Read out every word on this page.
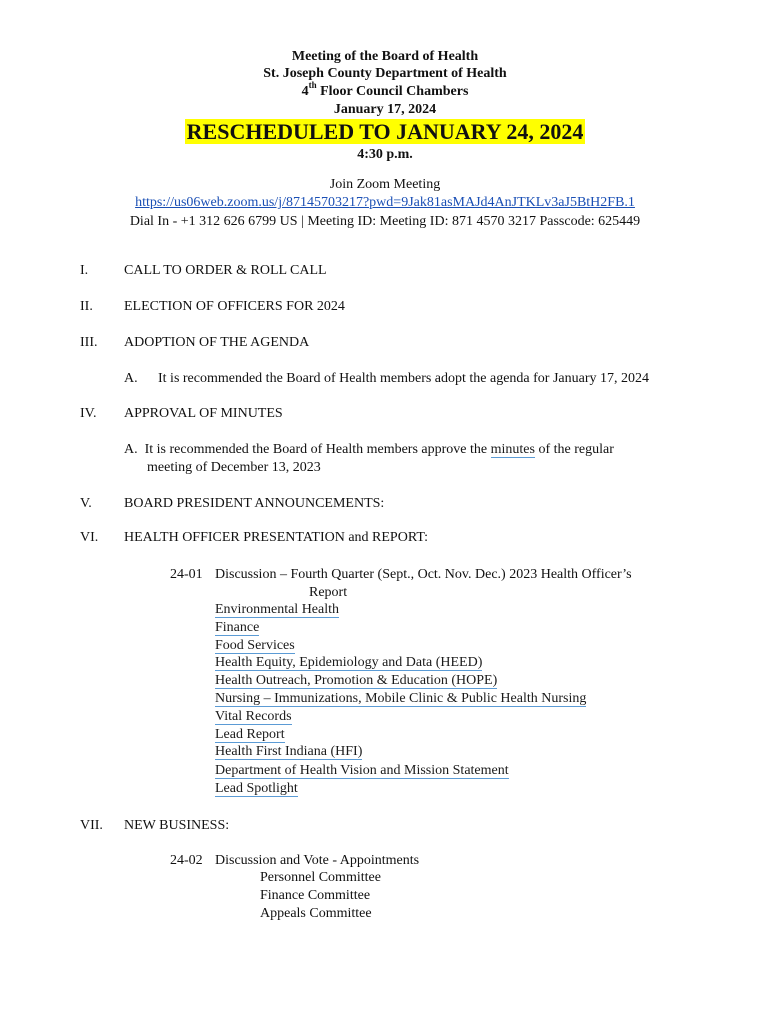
Meeting of the Board of Health
St. Joseph County Department of Health
4th Floor Council Chambers
January 17, 2024
RESCHEDULED TO JANUARY 24, 2024
4:30 p.m.
Join Zoom Meeting
https://us06web.zoom.us/j/87145703217?pwd=9Jak81asMAJd4AnJTKLv3aJ5BtH2FB.1
Dial In - +1 312 626 6799 US | Meeting ID: Meeting ID: 871 4570 3217 Passcode: 625449
I.	CALL TO ORDER & ROLL CALL
II. ELECTION OF OFFICERS FOR 2024
III. ADOPTION OF THE AGENDA
A. It is recommended the Board of Health members adopt the agenda for January 17, 2024
IV. APPROVAL OF MINUTES
A.  It is recommended the Board of Health members approve the minutes of the regular
meeting of December 13, 2023
V. BOARD PRESIDENT ANNOUNCEMENTS:
VI. HEALTH OFFICER PRESENTATION and REPORT:
24-01 Discussion – Fourth Quarter (Sept., Oct. Nov. Dec.) 2023 Health Officer’s
Report
Environmental Health
Finance
Food Services
Health Equity, Epidemiology and Data (HEED)
Health Outreach, Promotion & Education (HOPE)
Nursing – Immunizations, Mobile Clinic & Public Health Nursing
Vital Records
Lead Report
Health First Indiana (HFI)
Department of Health Vision and Mission Statement
Lead Spotlight
VII. NEW BUSINESS:
24-02 Discussion and Vote - Appointments
Personnel Committee
Finance Committee
Appeals Committee
